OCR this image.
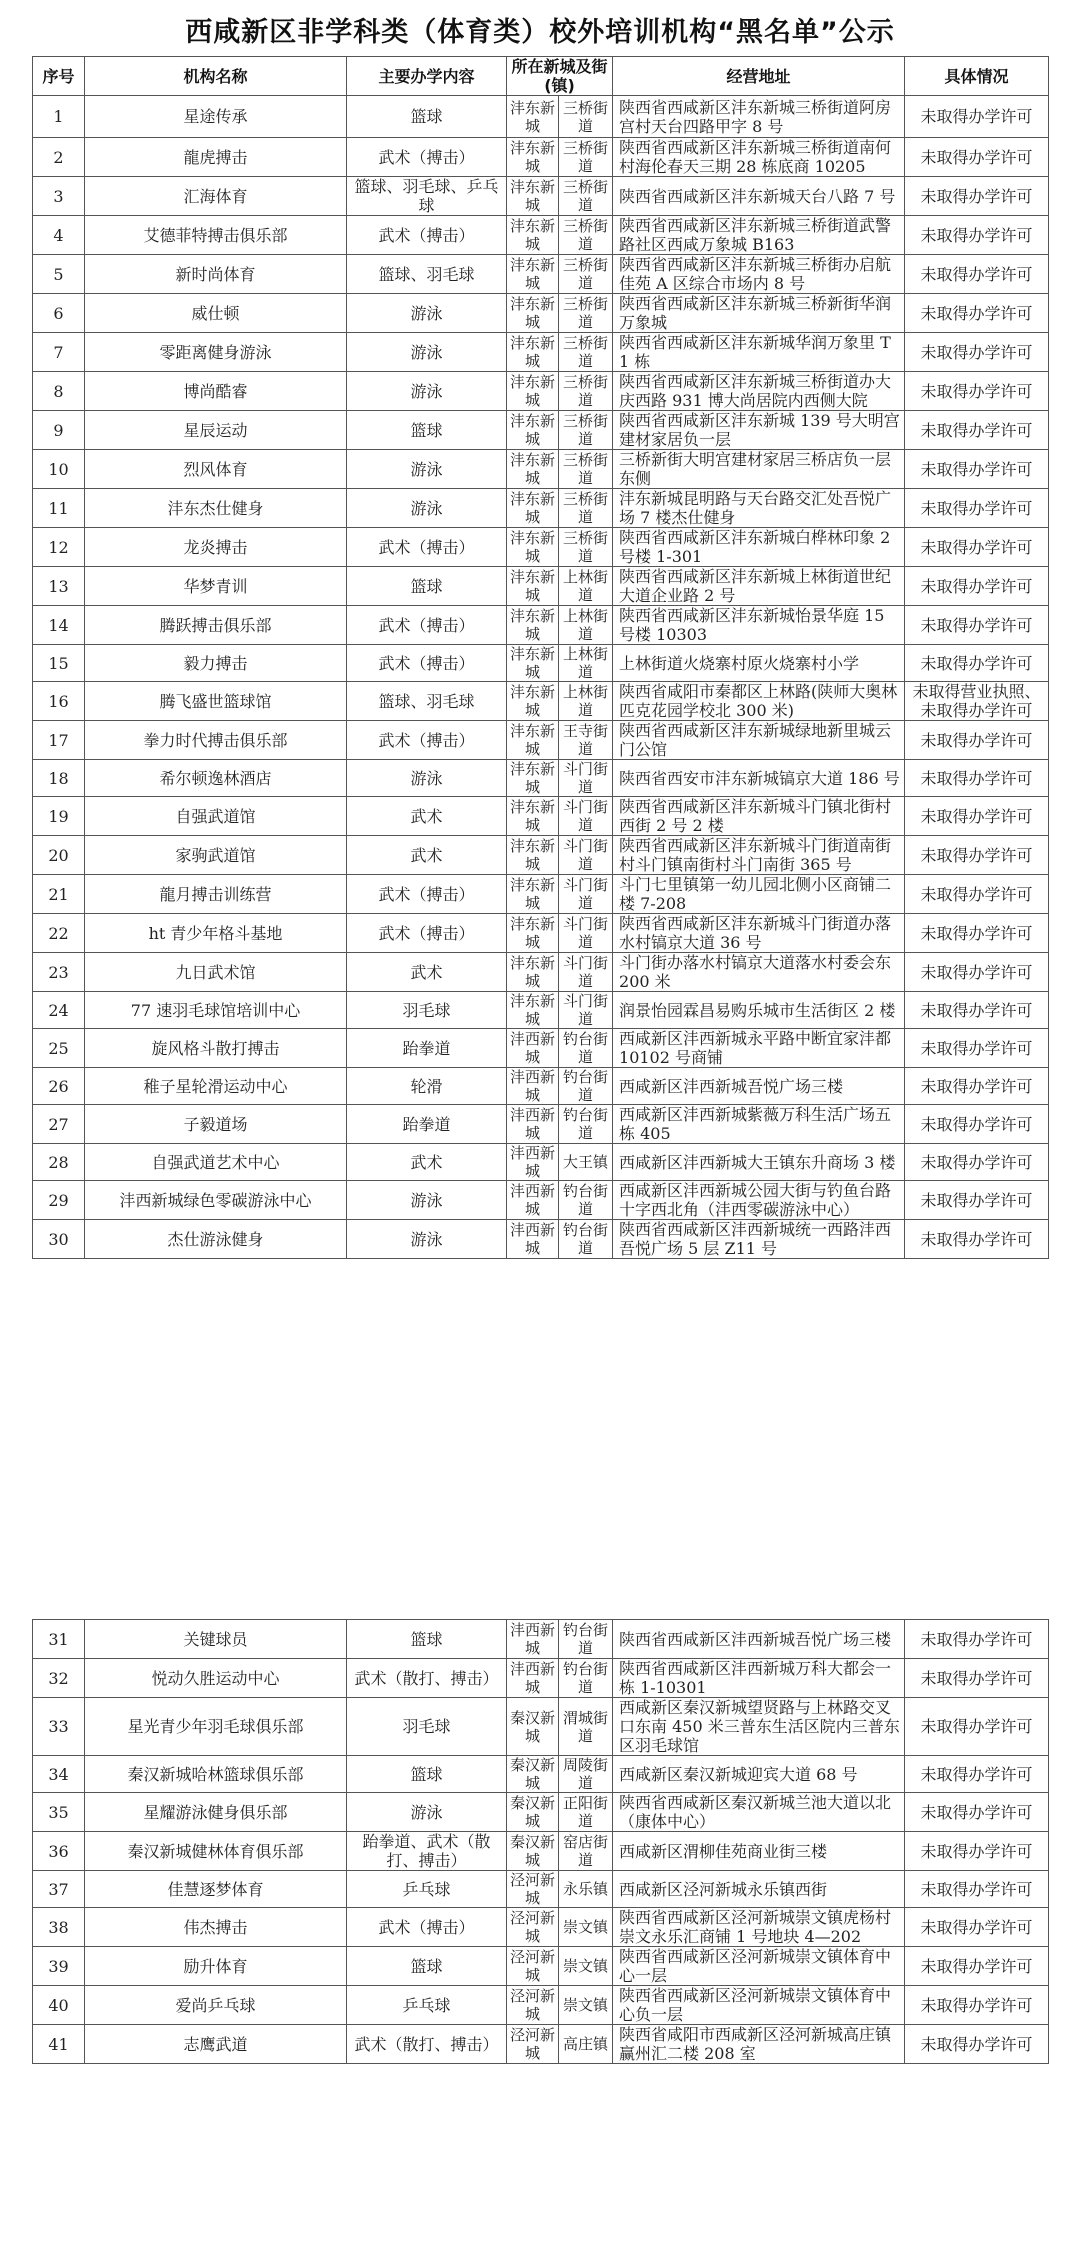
西咸新区非学科类（体育类）校外培训机构“黑名单”公示
序号	机构名称	主要办学内容	所在新城及街(镇)		经营地址	具体情况
1	星途传承	篮球	沣东新城	三桥街道	陕西省西咸新区沣东新城三桥街道阿房宫村天台四路甲字 8 号	未取得办学许可
2	龍虎搏击	武术（搏击）	沣东新城	三桥街道	陕西省西咸新区沣东新城三桥街道南何村海伦春天三期 28 栋底商 10205	未取得办学许可
3	汇海体育	篮球、羽毛球、乒乓球	沣东新城	三桥街道	陕西省西咸新区沣东新城天台八路 7 号	未取得办学许可
4	艾德菲特搏击俱乐部	武术（搏击）	沣东新城	三桥街道	陕西省西咸新区沣东新城三桥街道武警路社区西咸万象城 B163	未取得办学许可
5	新时尚体育	篮球、羽毛球	沣东新城	三桥街道	陕西省西咸新区沣东新城三桥街办启航佳苑 A 区综合市场内 8 号	未取得办学许可
6	威仕顿	游泳	沣东新城	三桥街道	陕西省西咸新区沣东新城三桥新街华润万象城	未取得办学许可
7	零距离健身游泳	游泳	沣东新城	三桥街道	陕西省西咸新区沣东新城华润万象里 T1 栋	未取得办学许可
8	博尚酷睿	游泳	沣东新城	三桥街道	陕西省西咸新区沣东新城三桥街道办大庆西路 931 博大尚居院内西侧大院	未取得办学许可
9	星辰运动	篮球	沣东新城	三桥街道	陕西省西咸新区沣东新城 139 号大明宫建材家居负一层	未取得办学许可
10	烈风体育	游泳	沣东新城	三桥街道	三桥新街大明宫建材家居三桥店负一层东侧	未取得办学许可
11	沣东杰仕健身	游泳	沣东新城	三桥街道	沣东新城昆明路与天台路交汇处吾悦广场 7 楼杰仕健身	未取得办学许可
12	龙炎搏击	武术（搏击）	沣东新城	三桥街道	陕西省西咸新区沣东新城白桦林印象 2 号楼 1-301	未取得办学许可
13	华梦青训	篮球	沣东新城	上林街道	陕西省西咸新区沣东新城上林街道世纪大道企业路 2 号	未取得办学许可
14	腾跃搏击俱乐部	武术（搏击）	沣东新城	上林街道	陕西省西咸新区沣东新城怡景华庭 15 号楼 10303	未取得办学许可
15	毅力搏击	武术（搏击）	沣东新城	上林街道	上林街道火烧寨村原火烧寨村小学	未取得办学许可
16	腾飞盛世篮球馆	篮球、羽毛球	沣东新城	上林街道	陕西省咸阳市秦都区上林路(陕师大奥林匹克花园学校北 300 米)	未取得营业执照、未取得办学许可
17	拳力时代搏击俱乐部	武术（搏击）	沣东新城	王寺街道	陕西省西咸新区沣东新城绿地新里城云门公馆	未取得办学许可
18	希尔顿逸林酒店	游泳	沣东新城	斗门街道	陕西省西安市沣东新城镐京大道 186 号	未取得办学许可
19	自强武道馆	武术	沣东新城	斗门街道	陕西省西咸新区沣东新城斗门镇北街村西街 2 号 2 楼	未取得办学许可
20	家驹武道馆	武术	沣东新城	斗门街道	陕西省西咸新区沣东新城斗门街道南街村斗门镇南街村斗门南街 365 号	未取得办学许可
21	龍月搏击训练营	武术（搏击）	沣东新城	斗门街道	斗门七里镇第一幼儿园北侧小区商铺二楼 7-208	未取得办学许可
22	ht 青少年格斗基地	武术（搏击）	沣东新城	斗门街道	陕西省西咸新区沣东新城斗门街道办落水村镐京大道 36 号	未取得办学许可
23	九日武术馆	武术	沣东新城	斗门街道	斗门街办落水村镐京大道落水村委会东 200 米	未取得办学许可
24	77 速羽毛球馆培训中心	羽毛球	沣东新城	斗门街道	润景怡园霖昌易购乐城市生活街区 2 楼	未取得办学许可
25	旋风格斗散打搏击	跆拳道	沣西新城	钓台街道	西咸新区沣西新城永平路中断宜家沣都 10102 号商铺	未取得办学许可
26	稚子星轮滑运动中心	轮滑	沣西新城	钓台街道	西咸新区沣西新城吾悦广场三楼	未取得办学许可
27	子毅道场	跆拳道	沣西新城	钓台街道	西咸新区沣西新城紫薇万科生活广场五栋 405	未取得办学许可
28	自强武道艺术中心	武术	沣西新城	大王镇	西咸新区沣西新城大王镇东升商场 3 楼	未取得办学许可
29	沣西新城绿色零碳游泳中心	游泳	沣西新城	钓台街道	西咸新区沣西新城公园大街与钓鱼台路十字西北角（沣西零碳游泳中心）	未取得办学许可
30	杰仕游泳健身	游泳	沣西新城	钓台街道	陕西省西咸新区沣西新城统一西路沣西吾悦广场 5 层 Z11 号	未取得办学许可
31	关键球员	篮球	沣西新城	钓台街道	陕西省西咸新区沣西新城吾悦广场三楼	未取得办学许可
32	悦动久胜运动中心	武术（散打、搏击）	沣西新城	钓台街道	陕西省西咸新区沣西新城万科大都会一栋 1-10301	未取得办学许可
33	星光青少年羽毛球俱乐部	羽毛球	秦汉新城	渭城街道	西咸新区秦汉新城望贤路与上林路交叉口东南 450 米三普东生活区院内三普东区羽毛球馆	未取得办学许可
34	秦汉新城哈林篮球俱乐部	篮球	秦汉新城	周陵街道	西咸新区秦汉新城迎宾大道 68 号	未取得办学许可
35	星耀游泳健身俱乐部	游泳	秦汉新城	正阳街道	陕西省西咸新区秦汉新城兰池大道以北（康体中心）	未取得办学许可
36	秦汉新城健林体育俱乐部	跆拳道、武术（散打、搏击）	秦汉新城	窑店街道	西咸新区渭柳佳苑商业街三楼	未取得办学许可
37	佳慧逐梦体育	乒乓球	泾河新城	永乐镇	西咸新区泾河新城永乐镇西街	未取得办学许可
38	伟杰搏击	武术（搏击）	泾河新城	崇文镇	陕西省西咸新区泾河新城崇文镇虎杨村崇文永乐汇商铺 1 号地块 4—202	未取得办学许可
39	励升体育	篮球	泾河新城	崇文镇	陕西省西咸新区泾河新城崇文镇体育中心一层	未取得办学许可
40	爱尚乒乓球	乒乓球	泾河新城	崇文镇	陕西省西咸新区泾河新城崇文镇体育中心负一层	未取得办学许可
41	志鹰武道	武术（散打、搏击）	泾河新城	高庄镇	陕西省咸阳市西咸新区泾河新城高庄镇赢州汇二楼 208 室	未取得办学许可
